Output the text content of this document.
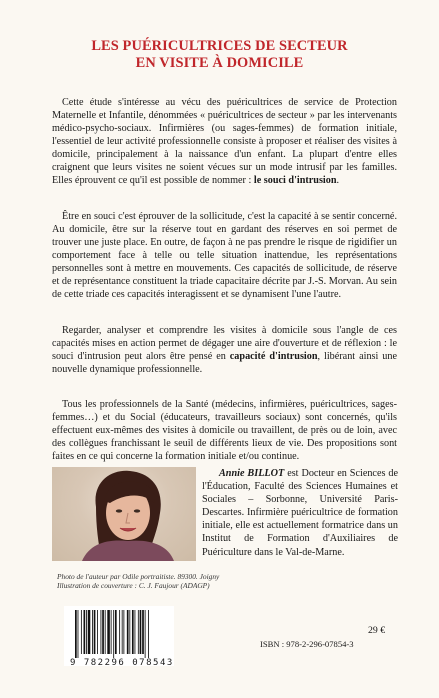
LES PUÉRICULTRICES DE SECTEUR
EN VISITE À DOMICILE

Cette étude s'intéresse au vécu des puéricultrices de service de Protection Maternelle et Infantile, dénommées « puéricultrices de secteur » par les intervenants médico-psycho-sociaux. Infirmières (ou sages-femmes) de formation initiale, l'essentiel de leur activité professionnelle consiste à proposer et réaliser des visites à domicile, principalement à la naissance d'un enfant. La plupart d'entre elles craignent que leurs visites ne soient vécues sur un mode intrusif par les familles. Elles éprouvent ce qu'il est possible de nommer : le souci d'intrusion.

Être en souci c'est éprouver de la sollicitude, c'est la capacité à se sentir concerné. Au domicile, être sur la réserve tout en gardant des réserves en soi permet de trouver une juste place. En outre, de façon à ne pas prendre le risque de rigidifier un comportement face à telle ou telle situation inattendue, les représentations personnelles sont à mettre en mouvements. Ces capacités de sollicitude, de réserve et de représentance constituent la triade capacitaire décrite par J.-S. Morvan. Au sein de cette triade ces capacités interagissent et se dynamisent l'une l'autre.

Regarder, analyser et comprendre les visites à domicile sous l'angle de ces capacités mises en action permet de dégager une aire d'ouverture et de réflexion : le souci d'intrusion peut alors être pensé en capacité d'intrusion, libérant ainsi une nouvelle dynamique professionnelle.

Tous les professionnels de la Santé (médecins, infirmières, puéricultrices, sages-femmes…) et du Social (éducateurs, travailleurs sociaux) sont concernés, qu'ils effectuent eux-mêmes des visites à domicile ou travaillent, de près ou de loin, avec des collègues franchissant le seuil de différents lieux de vie. Des propositions sont faites en ce qui concerne la formation initiale et/ou continue.

Photo de l'auteur par Odile portraitiste. 89300. Joigny
Illustration de couverture : C. J. Faujour (ADAGP)
Annie BILLOT est Docteur en Sciences de l'Éducation, Faculté des Sciences Humaines et Sociales – Sorbonne, Université Paris-Descartes. Infirmière puéricultrice de formation initiale, elle est actuellement formatrice dans un Institut de Formation d'Auxiliaires de Puériculture dans le Val-de-Marne.
9 782296 078543
29 €
ISBN : 978-2-296-07854-3
